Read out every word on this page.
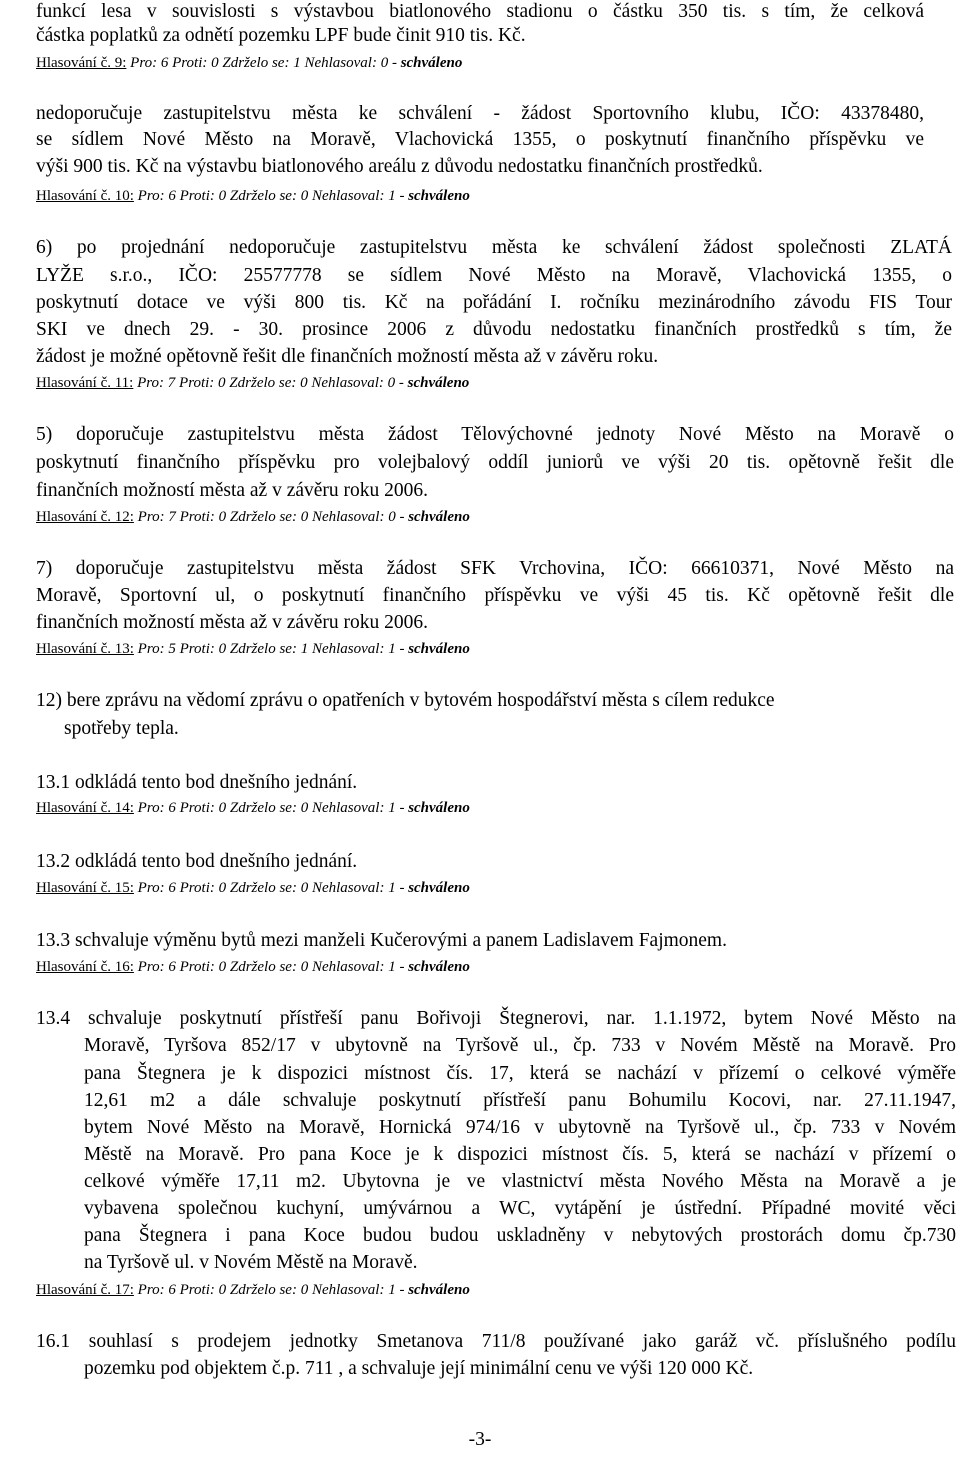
funkcí lesa v souvislosti s výstavbou biatlonového stadionu o částku 350 tis. s tím, že celková
částka poplatků za odnětí pozemku LPF bude činit 910 tis. Kč.
Hlasování č. 9: Pro: 6 Proti: 0 Zdrželo se: 1 Nehlasoval: 0 - schváleno
nedoporučuje zastupitelstvu města ke schválení - žádost Sportovního klubu, IČO: 43378480,
se sídlem Nové Město na Moravě, Vlachovická 1355, o poskytnutí finančního příspěvku ve
výši 900 tis. Kč na výstavbu biatlonového areálu z důvodu nedostatku finančních prostředků.
Hlasování č. 10: Pro: 6 Proti: 0 Zdrželo se: 0 Nehlasoval: 1 - schváleno
6) po projednání nedoporučuje zastupitelstvu města ke schválení žádost společnosti ZLATÁ
LYŽE s.r.o., IČO: 25577778 se sídlem Nové Město na Moravě, Vlachovická 1355, o
poskytnutí dotace ve výši 800 tis. Kč na pořádání I. ročníku mezinárodního závodu FIS Tour
SKI ve dnech 29. - 30. prosince 2006 z důvodu nedostatku finančních prostředků s tím, že
žádost je možné opětovně řešit dle finančních možností města až v závěru roku.
Hlasování č. 11: Pro: 7 Proti: 0 Zdrželo se: 0 Nehlasoval: 0 - schváleno
5) doporučuje zastupitelstvu města žádost Tělovýchovné jednoty Nové Město na Moravě o
poskytnutí finančního příspěvku pro volejbalový oddíl juniorů ve výši 20 tis. opětovně řešit dle
finančních možností města až v závěru roku 2006.
Hlasování č. 12: Pro: 7 Proti: 0 Zdrželo se: 0 Nehlasoval: 0 - schváleno
7) doporučuje zastupitelstvu města žádost SFK Vrchovina, IČO: 66610371, Nové Město na
Moravě, Sportovní ul, o poskytnutí finančního příspěvku ve výši 45 tis. Kč opětovně řešit dle
finančních možností města až v závěru roku 2006.
Hlasování č. 13: Pro: 5 Proti: 0 Zdrželo se: 1 Nehlasoval: 1 - schváleno
12) bere zprávu na vědomí zprávu o opatřeních v bytovém hospodářství města s cílem redukce
spotřeby tepla.
13.1 odkládá tento bod dnešního jednání.
Hlasování č. 14: Pro: 6 Proti: 0 Zdrželo se: 0 Nehlasoval: 1 - schváleno
13.2 odkládá tento bod dnešního jednání.
Hlasování č. 15: Pro: 6 Proti: 0 Zdrželo se: 0 Nehlasoval: 1 - schváleno
13.3 schvaluje výměnu bytů mezi manželi Kučerovými a panem Ladislavem Fajmonem.
Hlasování č. 16: Pro: 6 Proti: 0 Zdrželo se: 0 Nehlasoval: 1 - schváleno
13.4 schvaluje poskytnutí přístřeší panu Bořivoji Štegnerovi, nar. 1.1.1972, bytem Nové Město na
Moravě, Tyršova 852/17 v ubytovně na Tyršově ul., čp. 733 v Novém Městě na Moravě. Pro
pana Štegnera je k dispozici místnost čís. 17, která se nachází v přízemí o celkové výměře
12,61 m2 a dále schvaluje poskytnutí přístřeší panu Bohumilu Kocovi, nar. 27.11.1947,
bytem Nové Město na Moravě, Hornická 974/16 v ubytovně na Tyršově ul., čp. 733 v Novém
Městě na Moravě. Pro pana Koce je k dispozici místnost čís. 5, která se nachází v přízemí o
celkové výměře 17,11 m2. Ubytovna je ve vlastnictví města Nového Města na Moravě a je
vybavena společnou kuchyní, umývárnou a WC, vytápění je ústřední. Případné movité věci
pana Štegnera i pana Koce budou budou uskladněny v nebytových prostorách domu čp.730
na Tyršově ul. v Novém Městě na Moravě.
Hlasování č. 17: Pro: 6 Proti: 0 Zdrželo se: 0 Nehlasoval: 1 - schváleno
16.1 souhlasí s prodejem jednotky Smetanova 711/8 používané jako garáž vč. příslušného podílu
pozemku pod objektem č.p. 711 , a schvaluje její minimální cenu ve výši 120 000 Kč.
-3-
